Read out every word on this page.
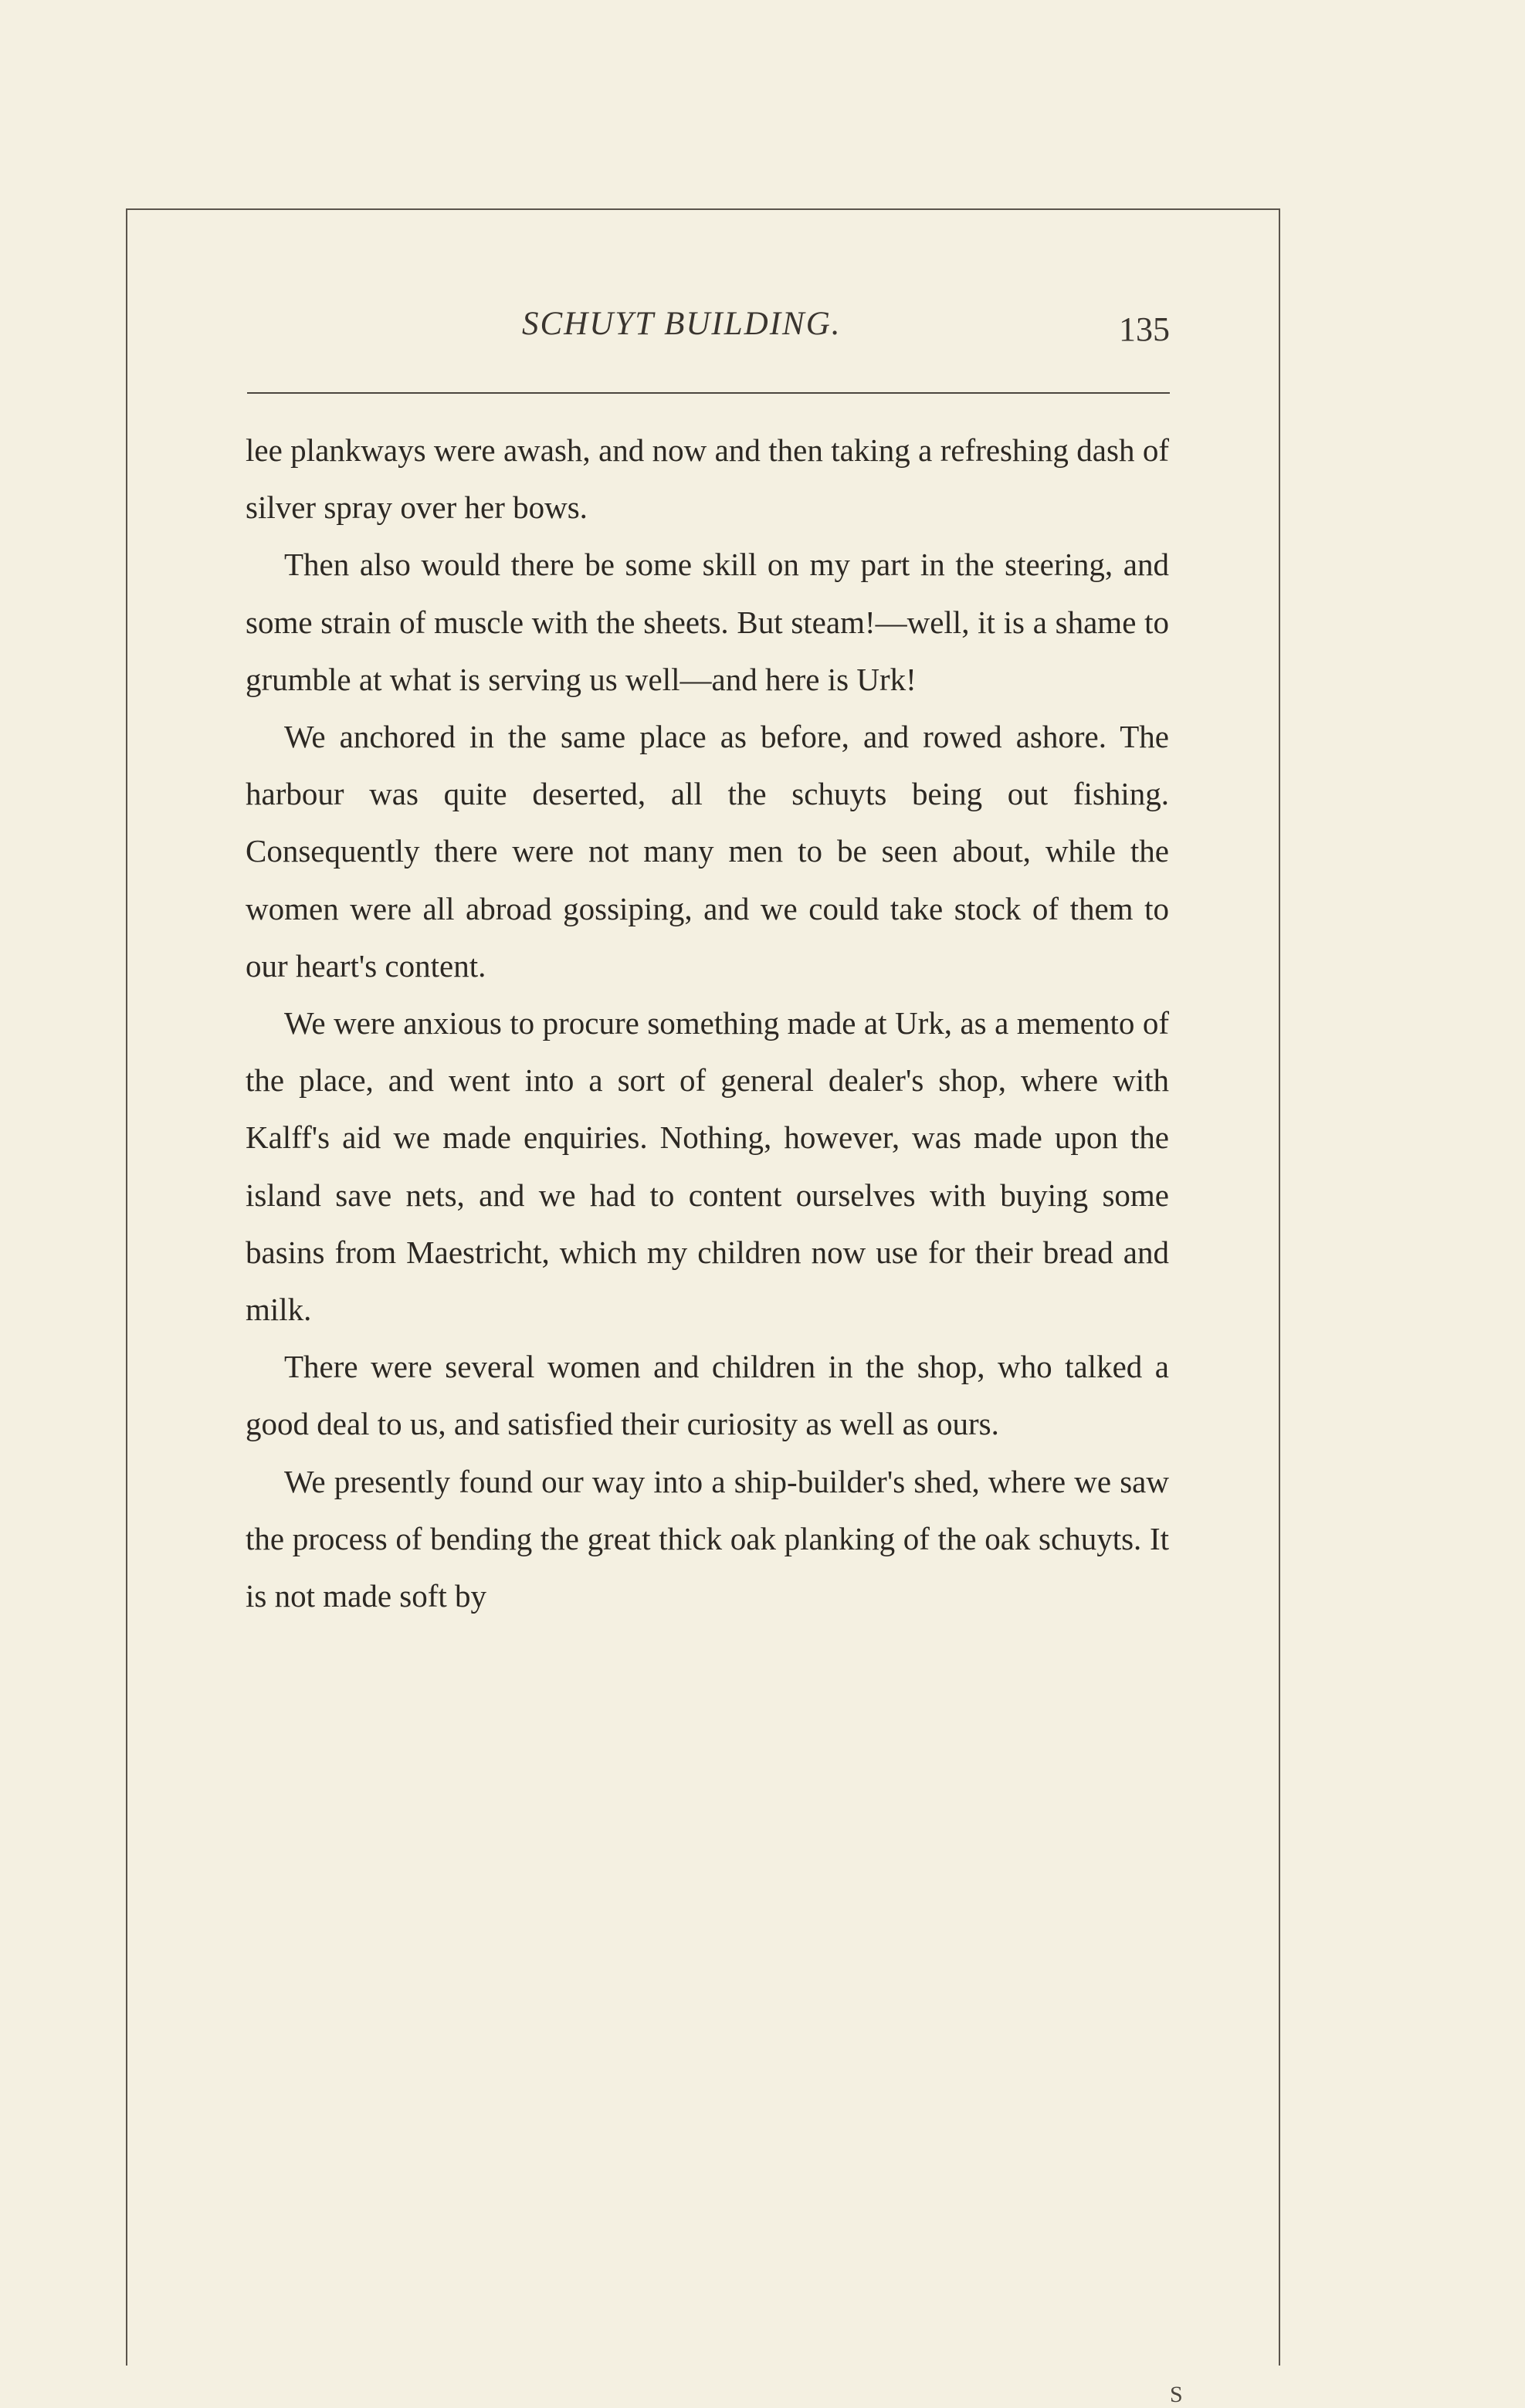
SCHUYT BUILDING.	135

lee plankways were awash, and now and then taking a refreshing dash of silver spray over her bows.

Then also would there be some skill on my part in the steering, and some strain of muscle with the sheets. But steam!—well, it is a shame to grumble at what is serving us well—and here is Urk!

We anchored in the same place as before, and rowed ashore. The harbour was quite deserted, all the schuyts being out fishing. Consequently there were not many men to be seen about, while the women were all abroad gossiping, and we could take stock of them to our heart's content.

We were anxious to procure something made at Urk, as a memento of the place, and went into a sort of general dealer's shop, where with Kalff's aid we made enquiries. Nothing, however, was made upon the island save nets, and we had to content ourselves with buying some basins from Maestricht, which my children now use for their bread and milk.

There were several women and children in the shop, who talked a good deal to us, and satisfied their curiosity as well as ours.

We presently found our way into a ship-builder's shed, where we saw the process of bending the great thick oak planking of the oak schuyts. It is not made soft by

S
